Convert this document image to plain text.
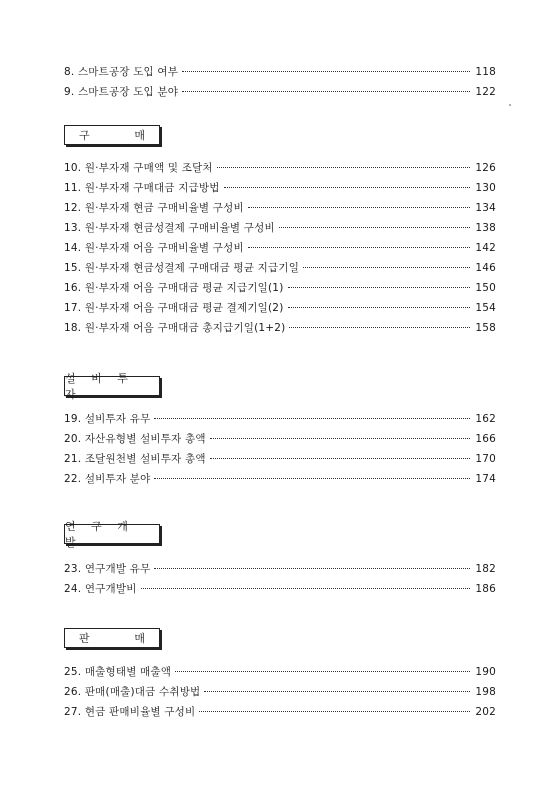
8. 스마트공장 도입 여부	118
9. 스마트공장 도입 분야	122
구	매
10. 원·부자재 구매액 및 조달처	126
11. 원·부자재 구매대금 지급방법	130
12. 원·부자재 현금 구매비율별 구성비	134
13. 원·부자재 현금성결제 구매비율별 구성비	138
14. 원·부자재 어음 구매비율별 구성비	142
15. 원·부자재 현금성결제 구매대금 평균 지급기일	146
16. 원·부자재 어음 구매대금 평균 지급기일(1)	150
17. 원·부자재 어음 구매대금 평균 결제기일(2)	154
18. 원·부자재 어음 구매대금 총지급기일(1+2)	158
설 비 투 자
19. 설비투자 유무	162
20. 자산유형별 설비투자 총액	166
21. 조달원천별 설비투자 총액	170
22. 설비투자 분야	174
연 구 개 발
23. 연구개발 유무	182
24. 연구개발비	186
판	매
25. 매출형태별 매출액	190
26. 판매(매출)대금 수취방법	198
27. 현금 판매비율별 구성비	202
